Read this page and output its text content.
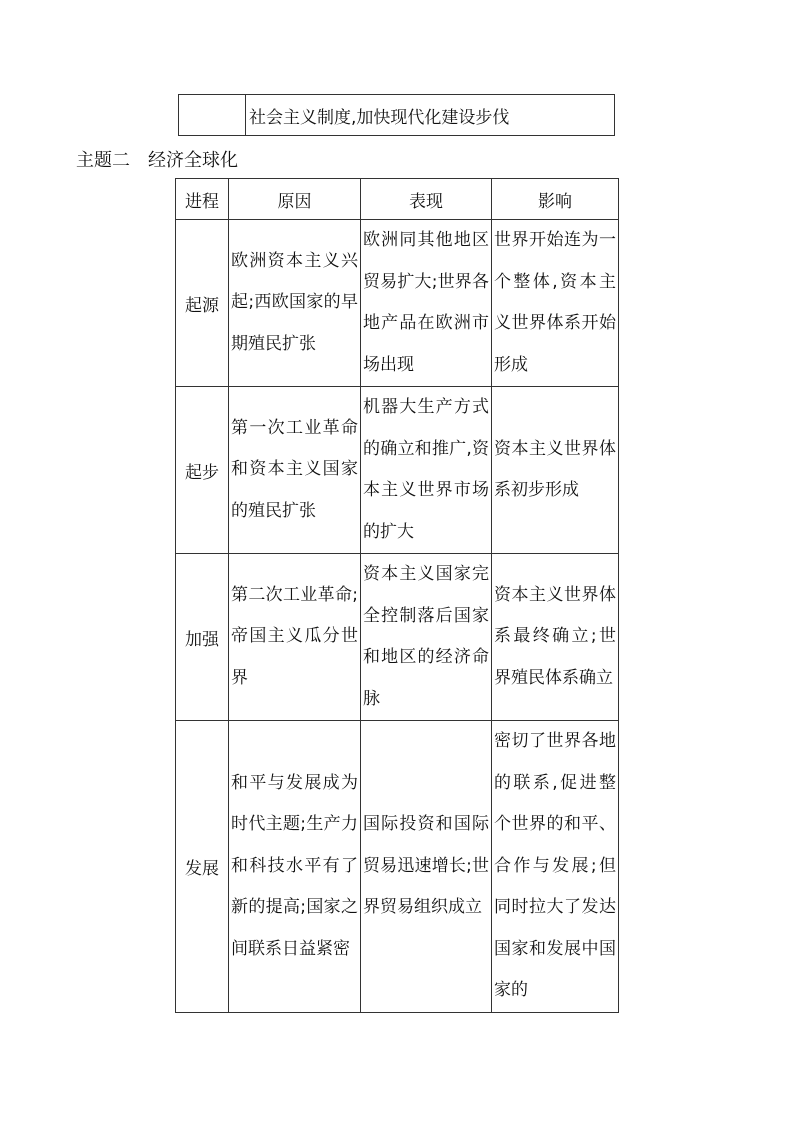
	社会主义制度,加快现代化建设步伐
主题二　经济全球化
进程	原因	表现	影响
起源	欧洲资本主义兴起;西欧国家的早期殖民扩张	欧洲同其他地区贸易扩大;世界各地产品在欧洲市场出现	世界开始连为一个整体,资本主义世界体系开始形成
起步	第一次工业革命和资本主义国家的殖民扩张	机器大生产方式的确立和推广,资本主义世界市场的扩大	资本主义世界体系初步形成
加强	第二次工业革命;帝国主义瓜分世界	资本主义国家完全控制落后国家和地区的经济命脉	资本主义世界体系最终确立;世界殖民体系确立
发展	和平与发展成为时代主题;生产力和科技水平有了新的提高;国家之间联系日益紧密	国际投资和国际贸易迅速增长;世界贸易组织成立	密切了世界各地的联系,促进整个世界的和平、合作与发展;但同时拉大了发达国家和发展中国家的
